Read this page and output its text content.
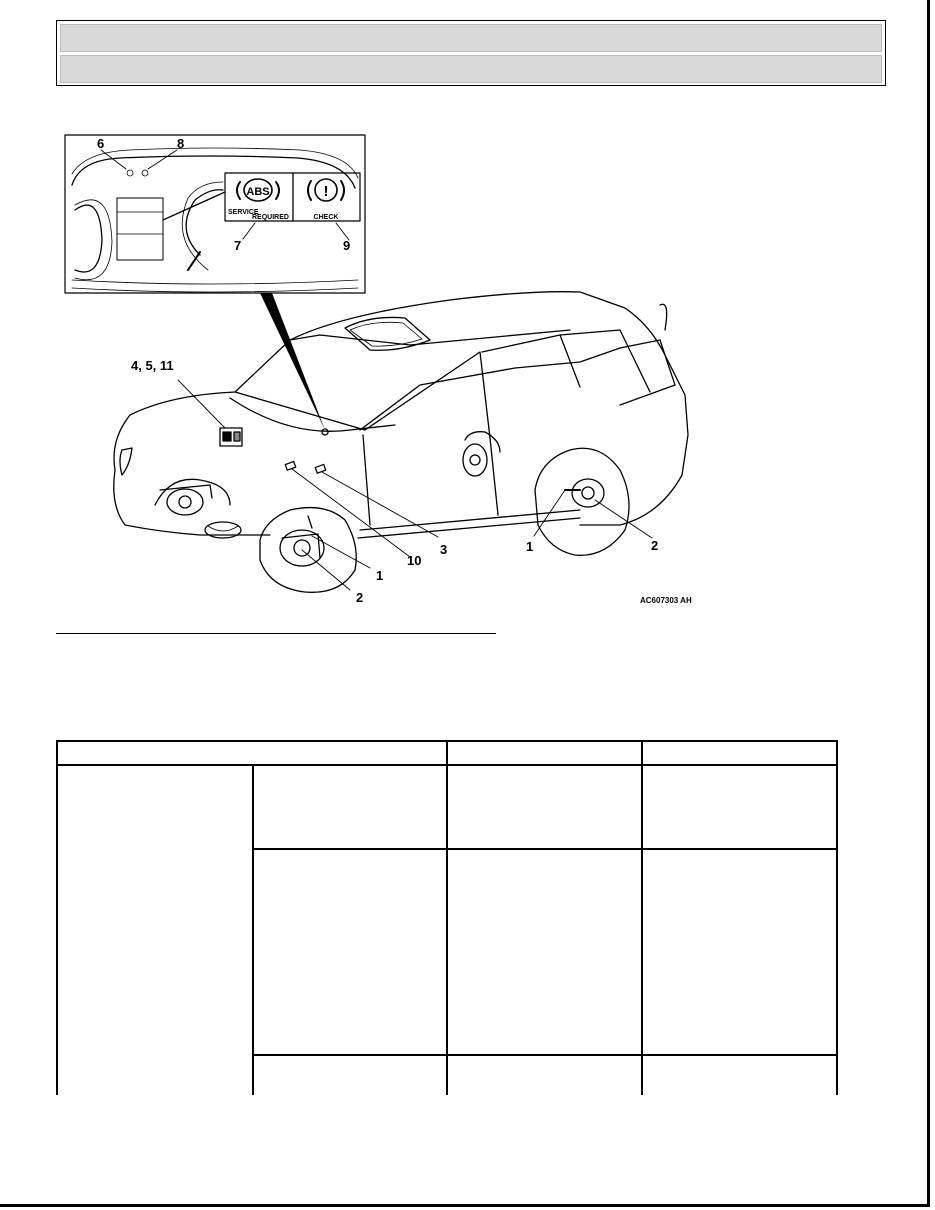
6	8
7	9
ABS
SERVICE
REQUIRED
!
CHECK
4, 5, 11
1
2
10
3	1	2
AC607303 AH
